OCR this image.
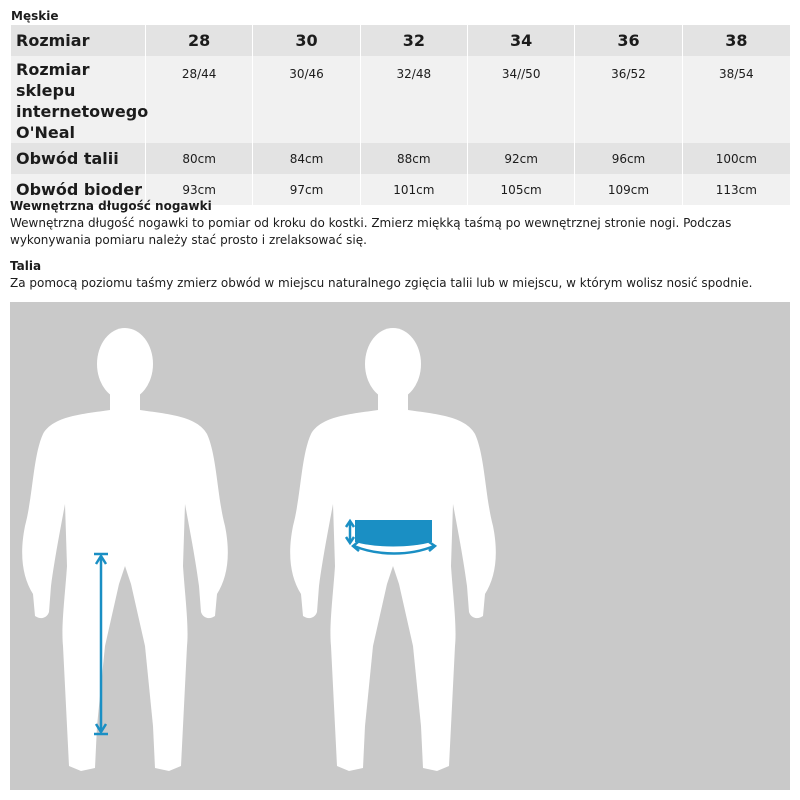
Męskie
Rozmiar	28	30	32	34	36	38
Rozmiar sklepu internetowego O'Neal	28/44	30/46	32/48	34//50	36/52	38/54
Obwód talii	80cm	84cm	88cm	92cm	96cm	100cm
Obwód bioder	93cm	97cm	101cm	105cm	109cm	113cm
Wewnętrzna długość nogawki
Wewnętrzna długość nogawki to pomiar od kroku do kostki. Zmierz miękką taśmą po wewnętrznej stronie nogi. Podczas wykonywania pomiaru należy stać prosto i zrelaksować się.
Talia
Za pomocą poziomu taśmy zmierz obwód w miejscu naturalnego zgięcia talii lub w miejscu, w którym wolisz nosić spodnie.
